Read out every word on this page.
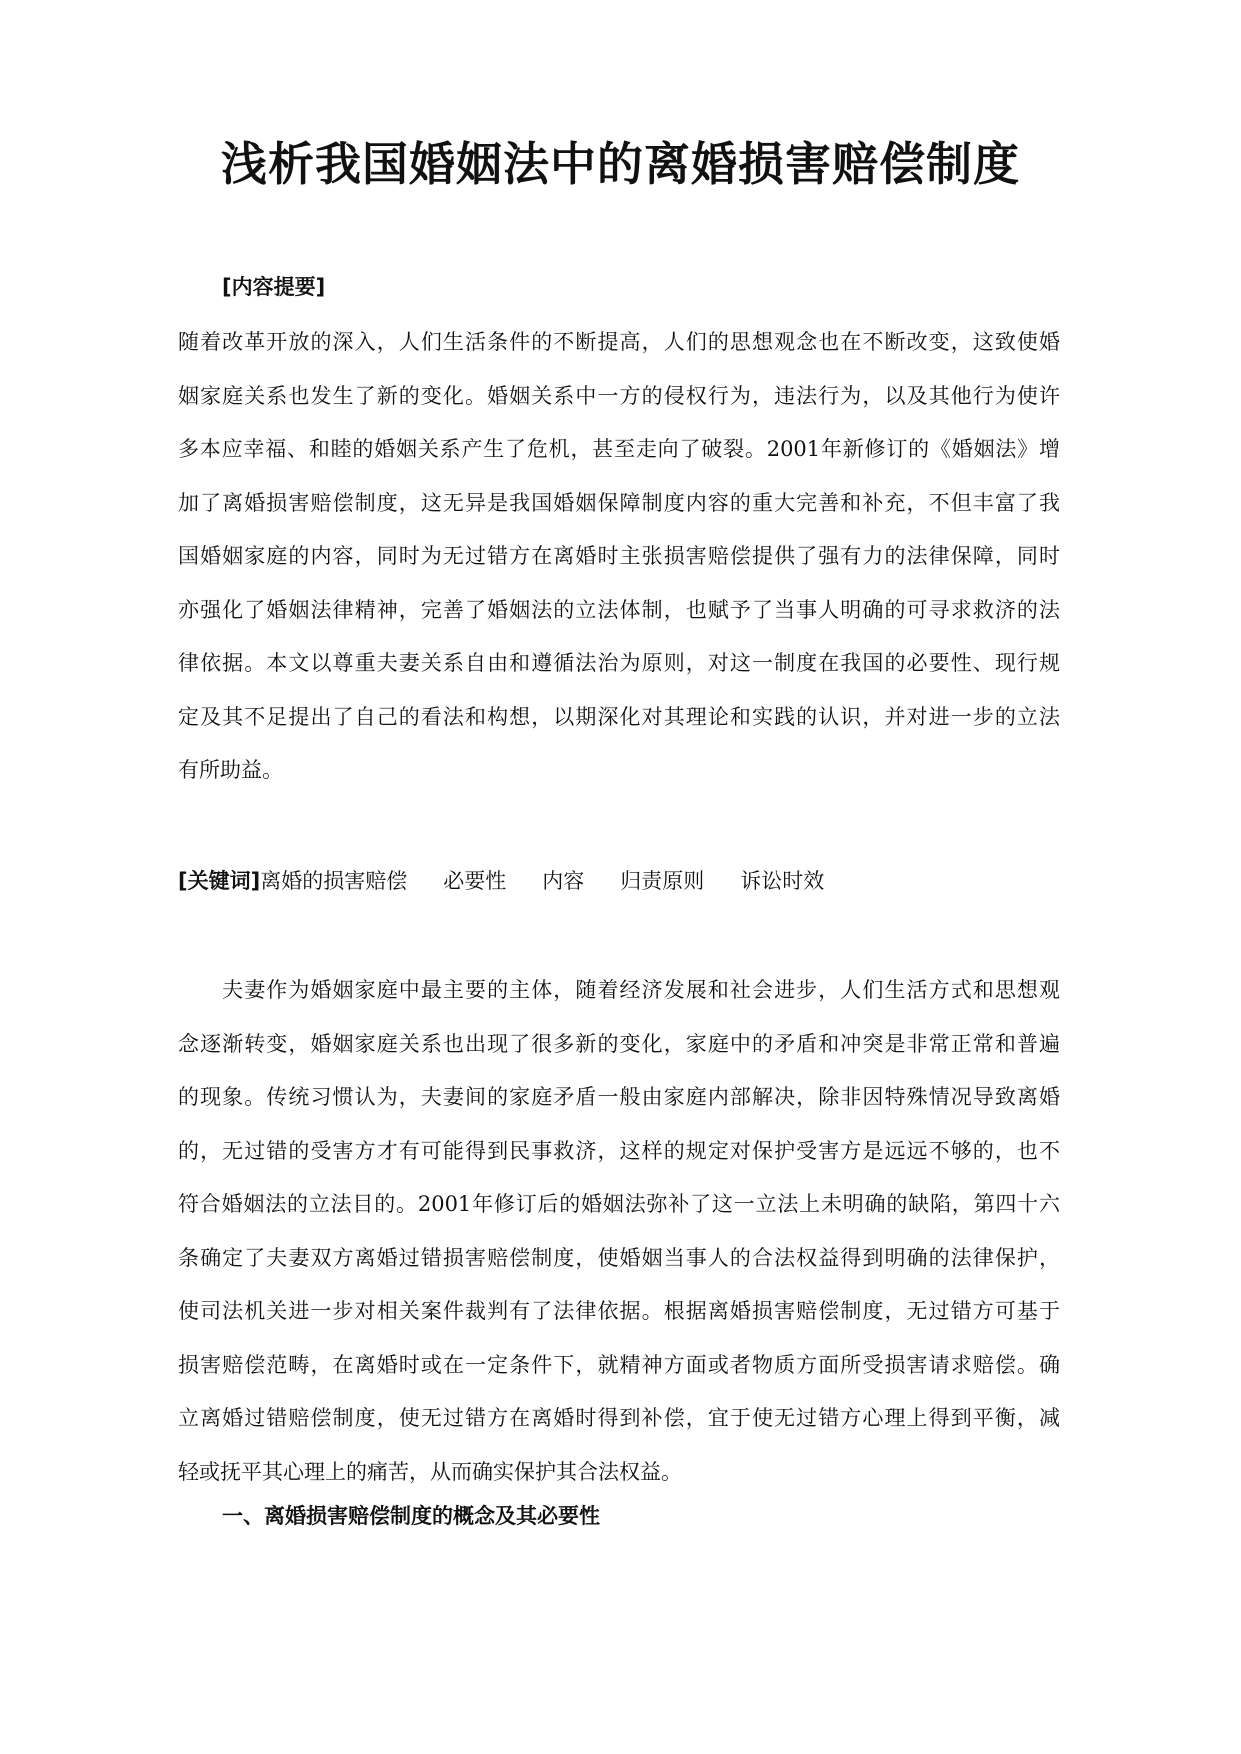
浅析我国婚姻法中的离婚损害赔偿制度
[内容提要]

随着改革开放的深入，人们生活条件的不断提高，人们的思想观念也在不断改变，这致使婚
姻家庭关系也发生了新的变化。婚姻关系中一方的侵权行为，违法行为，以及其他行为使许
多本应幸福、和睦的婚姻关系产生了危机，甚至走向了破裂。2001年新修订的《婚姻法》增
加了离婚损害赔偿制度，这无异是我国婚姻保障制度内容的重大完善和补充，不但丰富了我
国婚姻家庭的内容，同时为无过错方在离婚时主张损害赔偿提供了强有力的法律保障，同时
亦强化了婚姻法律精神，完善了婚姻法的立法体制，也赋予了当事人明确的可寻求救济的法
律依据。本文以尊重夫妻关系自由和遵循法治为原则，对这一制度在我国的必要性、现行规
定及其不足提出了自己的看法和构想，以期深化对其理论和实践的认识，并对进一步的立法
有所助益。

[关键词]离婚的损害赔偿 必要性 内容 归责原则 诉讼时效

　　夫妻作为婚姻家庭中最主要的主体，随着经济发展和社会进步，人们生活方式和思想观
念逐渐转变，婚姻家庭关系也出现了很多新的变化，家庭中的矛盾和冲突是非常正常和普遍
的现象。传统习惯认为，夫妻间的家庭矛盾一般由家庭内部解决，除非因特殊情况导致离婚
的，无过错的受害方才有可能得到民事救济，这样的规定对保护受害方是远远不够的，也不
符合婚姻法的立法目的。2001年修订后的婚姻法弥补了这一立法上未明确的缺陷，第四十六
条确定了夫妻双方离婚过错损害赔偿制度，使婚姻当事人的合法权益得到明确的法律保护，
使司法机关进一步对相关案件裁判有了法律依据。根据离婚损害赔偿制度，无过错方可基于
损害赔偿范畴，在离婚时或在一定条件下，就精神方面或者物质方面所受损害请求赔偿。确
立离婚过错赔偿制度，使无过错方在离婚时得到补偿，宜于使无过错方心理上得到平衡，减
轻或抚平其心理上的痛苦，从而确实保护其合法权益。

一、离婚损害赔偿制度的概念及其必要性
